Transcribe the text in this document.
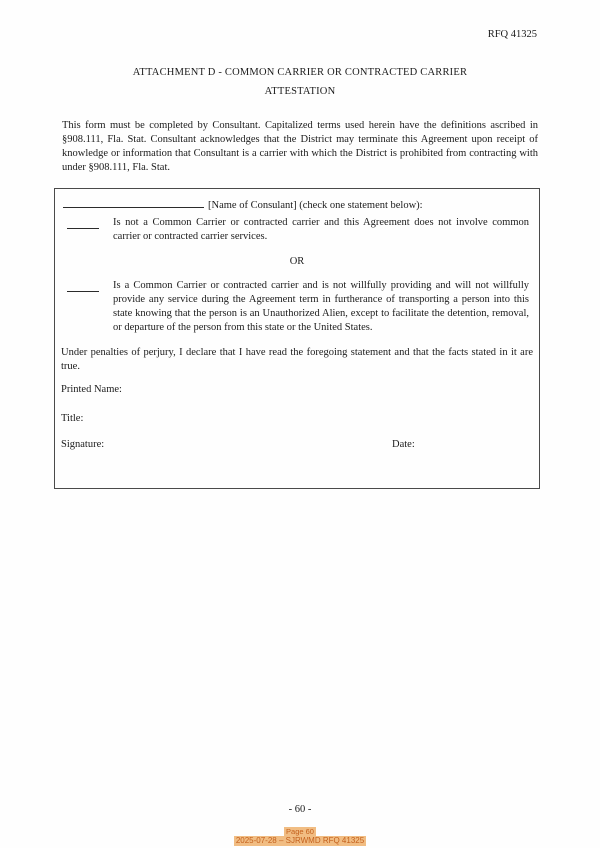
RFQ 41325
ATTACHMENT D - COMMON CARRIER OR CONTRACTED CARRIER
ATTESTATION

This form must be completed by Consultant. Capitalized terms used herein have the definitions ascribed in §908.111, Fla. Stat. Consultant acknowledges that the District may terminate this Agreement upon receipt of knowledge or information that Consultant is a carrier with which the District is prohibited from contracting with under §908.111, Fla. Stat.

[Name of Consulant] (check one statement below):
Is not a Common Carrier or contracted carrier and this Agreement does not involve common carrier or contracted carrier services.
OR
Is a Common Carrier or contracted carrier and is not willfully providing and will not willfully provide any service during the Agreement term in furtherance of transporting a person into this state knowing that the person is an Unauthorized Alien, except to facilitate the detention, removal, or departure of the person from this state or the United States.
Under penalties of perjury, I declare that I have read the foregoing statement and that the facts stated in it are true.
Printed Name:
Title:
Signature:	Date:
- 60 -
Page 60
2025-07-28 – SJRWMD RFQ 41325
